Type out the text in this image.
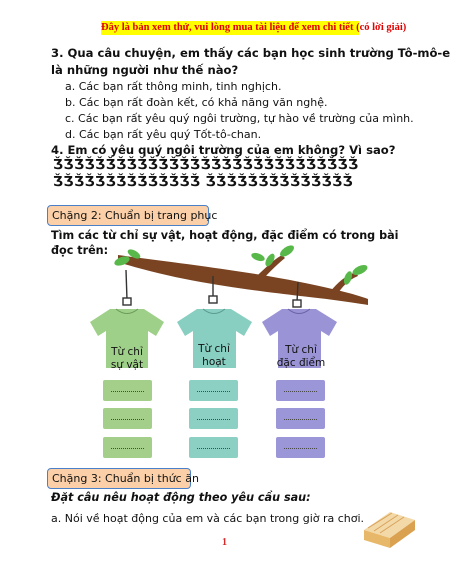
Đây là bản xem thử, vui lòng mua tài liệu để xem chi tiết (có lời giải)
3. Qua câu chuyện, em thấy các bạn học sinh trường Tô-mô-e
là những người như thế nào?
a. Các bạn rất thông minh, tinh nghịch.
b. Các bạn rất đoàn kết, có khả năng văn nghệ.
c. Các bạn rất yêu quý ngôi trường, tự hào về trường của mình.
d. Các bạn rất yêu quý Tốt-tô-chan.
4. Em có yêu quý ngôi trường của em không? Vì sao?
ǮǮǮǮǮǮǮǮǮǮǮǮǮǮǮǮǮǮǮǮǮǮǮǮǮǮǮǮǮ
ǮǮǮǮǮǮǮǮǮǮǮǮǮǮ ǮǮǮǮǮǮǮǮǮǮǮǮǮǮ
Chặng 2: Chuẩn bị trang phục
Tìm các từ chỉ sự vật, hoạt động, đặc điểm có trong bài đọc trên:
Từ chỉ
sự vật
Từ chỉ
hoạt
Từ chỉ
đặc điểm
Chặng 3: Chuẩn bị thức ăn
Đặt câu nêu hoạt động theo yêu cầu sau:
a. Nói về hoạt động của em và các bạn trong giờ ra chơi.
1
